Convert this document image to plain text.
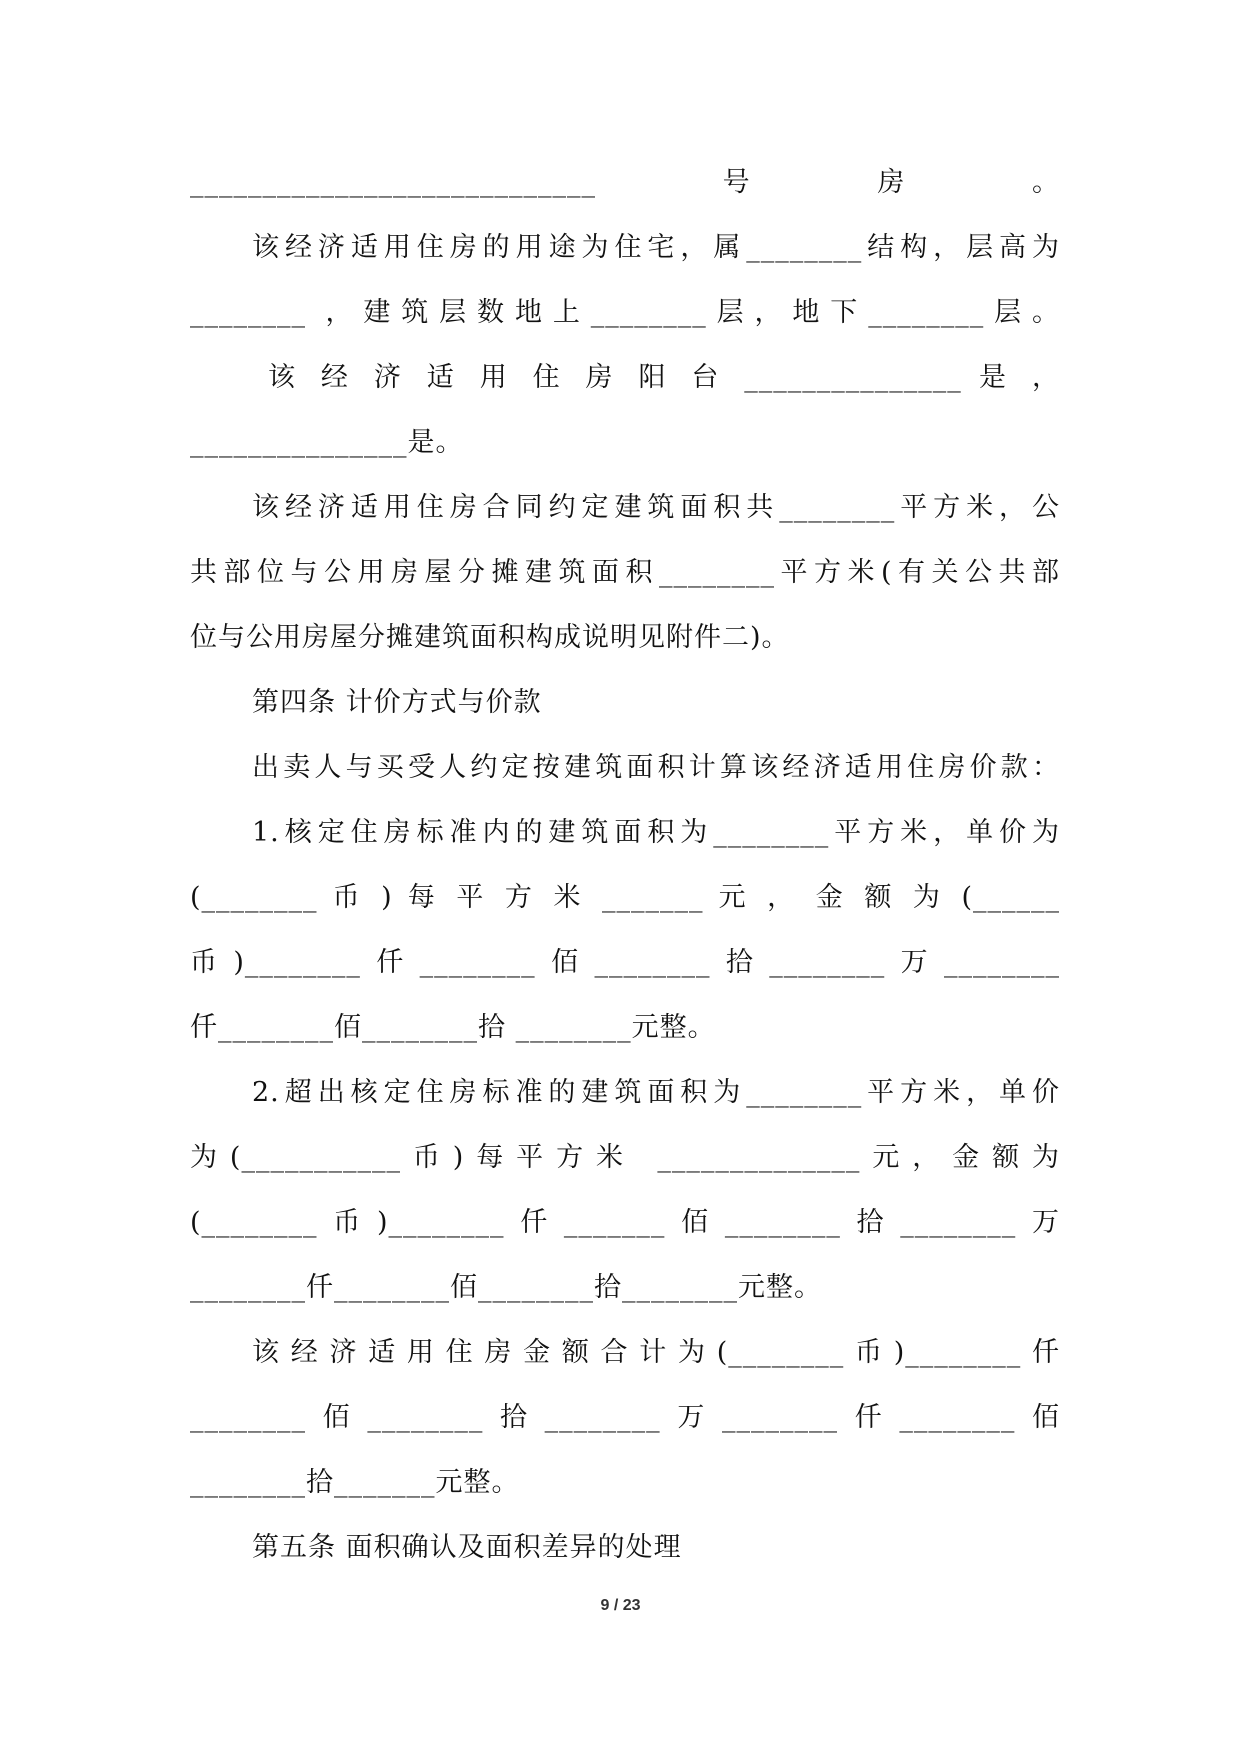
____________________________号房。
该经济适用住房的用途为住宅，属________结构，层高为
________ ，建筑层数地上________层，地下________层。
该 经 济 适 用 住 房 阳 台 _______________ 是 ，
_______________是。
该经济适用住房合同约定建筑面积共________平方米，公
共部位与公用房屋分摊建筑面积________平方米(有关公共部
位与公用房屋分摊建筑面积构成说明见附件二)。
第四条 计价方式与价款
出卖人与买受人约定按建筑面积计算该经济适用住房价款：
1.核定住房标准内的建筑面积为________平方米，单价为
(________ 币 ) 每 平 方 米 _______ 元 ， 金 额 为 (______
币)________仟________佰________拾________万________
仟________佰________拾 ________元整。
2.超出核定住房标准的建筑面积为________平方米，单价
为(___________币)每平方米 ______________元，金额为
(________币)________仟_______佰________拾________万
________仟________佰________拾________元整。
该经济适用住房金额合计为(________币)________仟
________佰________拾________万________仟________佰
________拾_______元整。
第五条 面积确认及面积差异的处理
9 / 23
